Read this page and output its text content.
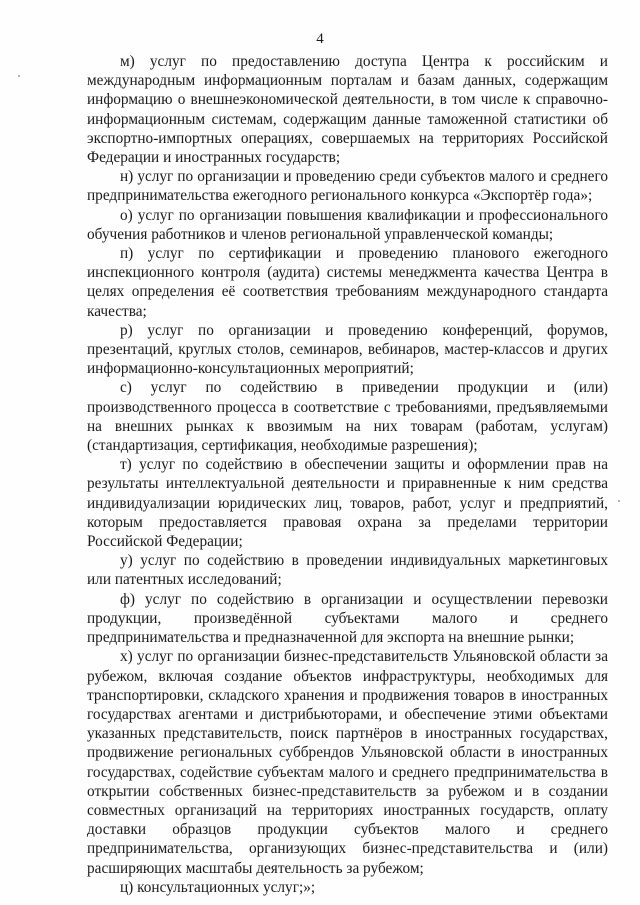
4

м) услуг по предоставлению доступа Центра к российским и международным информационным порталам и базам данных, содержащим информацию о внешнеэкономической деятельности, в том числе к справочно-информационным системам, содержащим данные таможенной статистики об экспортно-импортных операциях, совершаемых на территориях Российской Федерации и иностранных государств;

н) услуг по организации и проведению среди субъектов малого и среднего предпринимательства ежегодного регионального конкурса «Экспортёр года»;

о) услуг по организации повышения квалификации и профессионального обучения работников и членов региональной управленческой команды;

п) услуг по сертификации и проведению планового ежегодного инспекционного контроля (аудита) системы менеджмента качества Центра в целях определения её соответствия требованиям международного стандарта качества;

р) услуг по организации и проведению конференций, форумов, презентаций, круглых столов, семинаров, вебинаров, мастер-классов и других информационно-консультационных мероприятий;

с) услуг по содействию в приведении продукции и (или) производственного процесса в соответствие с требованиями, предъявляемыми на внешних рынках к ввозимым на них товарам (работам, услугам) (стандартизация, сертификация, необходимые разрешения);

т) услуг по содействию в обеспечении защиты и оформлении прав на результаты интеллектуальной деятельности и приравненные к ним средства индивидуализации юридических лиц, товаров, работ, услуг и предприятий, которым предоставляется правовая охрана за пределами территории Российской Федерации;

у) услуг по содействию в проведении индивидуальных маркетинговых или патентных исследований;

ф) услуг по содействию в организации и осуществлении перевозки продукции, произведённой субъектами малого и среднего предпринимательства и предназначенной для экспорта на внешние рынки;

х) услуг по организации бизнес-представительств Ульяновской области за рубежом, включая создание объектов инфраструктуры, необходимых для транспортировки, складского хранения и продвижения товаров в иностранных государствах агентами и дистрибьюторами, и обеспечение этими объектами указанных представительств, поиск партнёров в иностранных государствах, продвижение региональных суббрендов Ульяновской области в иностранных государствах, содействие субъектам малого и среднего предпринимательства в открытии собственных бизнес-представительств за рубежом и в создании совместных организаций на территориях иностранных государств, оплату доставки образцов продукции субъектов малого и среднего предпринимательства, организующих бизнес-представительства и (или) расширяющих масштабы деятельность за рубежом;

ц) консультационных услуг;»;
